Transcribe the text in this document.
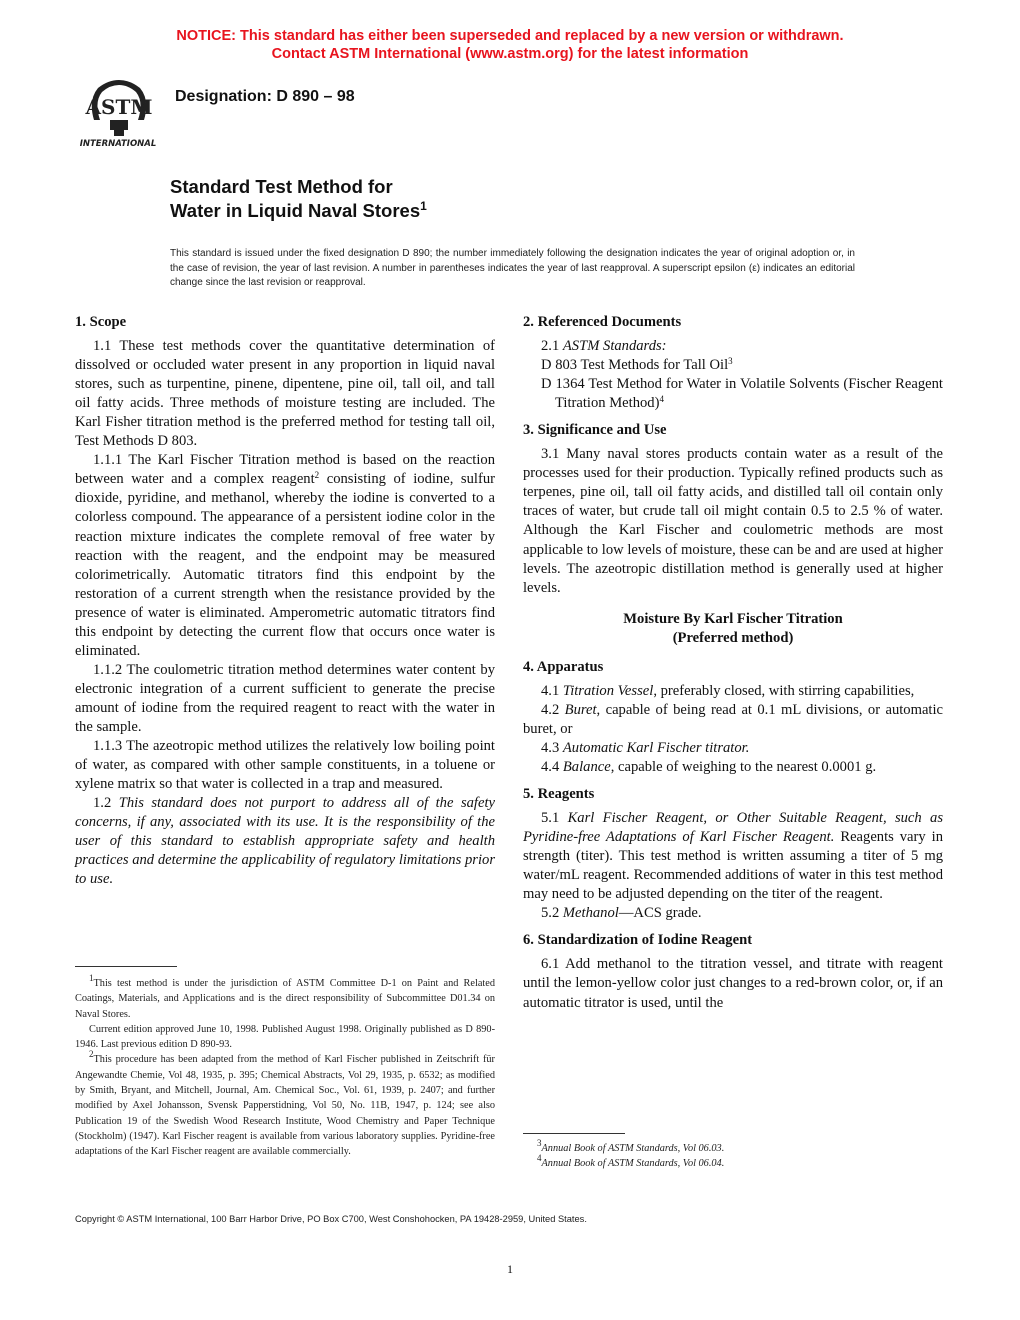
NOTICE: This standard has either been superseded and replaced by a new version or withdrawn.
Contact ASTM International (www.astm.org) for the latest information
ASTM
INTERNATIONAL
Designation: D 890 – 98
Standard Test Method for
Water in Liquid Naval Stores$^1$
This standard is issued under the fixed designation D 890; the number immediately following the designation indicates the year of original adoption or, in the case of revision, the year of last revision. A number in parentheses indicates the year of last reapproval. A superscript epsilon (ε) indicates an editorial change since the last revision or reapproval.
1. Scope

1.1 These test methods cover the quantitative determination of dissolved or occluded water present in any proportion in liquid naval stores, such as turpentine, pinene, dipentene, pine oil, tall oil, and tall oil fatty acids. Three methods of moisture testing are included. The Karl Fisher titration method is the preferred method for testing tall oil, Test Methods D 803.

1.1.1 The Karl Fischer Titration method is based on the reaction between water and a complex reagent$^2$ consisting of iodine, sulfur dioxide, pyridine, and methanol, whereby the iodine is converted to a colorless compound. The appearance of a persistent iodine color in the reaction mixture indicates the complete removal of free water by reaction with the reagent, and the endpoint may be measured colorimetrically. Automatic titrators find this endpoint by the restoration of a current strength when the resistance provided by the presence of water is eliminated. Amperometric automatic titrators find this endpoint by detecting the current flow that occurs once water is eliminated.

1.1.2 The coulometric titration method determines water content by electronic integration of a current sufficient to generate the precise amount of iodine from the required reagent to react with the water in the sample.

1.1.3 The azeotropic method utilizes the relatively low boiling point of water, as compared with other sample constituents, in a toluene or xylene matrix so that water is collected in a trap and measured.

1.2 This standard does not purport to address all of the safety concerns, if any, associated with its use. It is the responsibility of the user of this standard to establish appropriate safety and health practices and determine the applicability of regulatory limitations prior to use.

$^1$This test method is under the jurisdiction of ASTM Committee D-1 on Paint and Related Coatings, Materials, and Applications and is the direct responsibility of Subcommittee D01.34 on Naval Stores.

Current edition approved June 10, 1998. Published August 1998. Originally published as D 890-1946. Last previous edition D 890-93.

$^2$This procedure has been adapted from the method of Karl Fischer published in Zeitschrift für Angewandte Chemie, Vol 48, 1935, p. 395; Chemical Abstracts, Vol 29, 1935, p. 6532; as modified by Smith, Bryant, and Mitchell, Journal, Am. Chemical Soc., Vol. 61, 1939, p. 2407; and further modified by Axel Johansson, Svensk Papperstidning, Vol 50, No. 11B, 1947, p. 124; see also Publication 19 of the Swedish Wood Research Institute, Wood Chemistry and Paper Technique (Stockholm) (1947). Karl Fischer reagent is available from various laboratory supplies. Pyridine-free adaptations of the Karl Fischer reagent are available commercially.

2. Referenced Documents

2.1 ASTM Standards:

D 803 Test Methods for Tall Oil$^3$

D 1364 Test Method for Water in Volatile Solvents (Fischer Reagent Titration Method)$^4$

3. Significance and Use

3.1 Many naval stores products contain water as a result of the processes used for their production. Typically refined products such as terpenes, pine oil, tall oil fatty acids, and distilled tall oil contain only traces of water, but crude tall oil might contain 0.5 to 2.5 % of water. Although the Karl Fischer and coulometric methods are most applicable to low levels of moisture, these can be and are used at higher levels. The azeotropic distillation method is generally used at higher levels.

Moisture By Karl Fischer Titration
(Preferred method)
4. Apparatus

4.1 Titration Vessel, preferably closed, with stirring capabilities,

4.2 Buret, capable of being read at 0.1 mL divisions, or automatic buret, or

4.3 Automatic Karl Fischer titrator.

4.4 Balance, capable of weighing to the nearest 0.0001 g.

5. Reagents

5.1 Karl Fischer Reagent, or Other Suitable Reagent, such as Pyridine-free Adaptations of Karl Fischer Reagent. Reagents vary in strength (titer). This test method is written assuming a titer of 5 mg water/mL reagent. Recommended additions of water in this test method may need to be adjusted depending on the titer of the reagent.

5.2 Methanol—ACS grade.

6. Standardization of Iodine Reagent

6.1 Add methanol to the titration vessel, and titrate with reagent until the lemon-yellow color just changes to a red-brown color, or, if an automatic titrator is used, until the

$^3$Annual Book of ASTM Standards, Vol 06.03.

$^4$Annual Book of ASTM Standards, Vol 06.04.

Copyright © ASTM International, 100 Barr Harbor Drive, PO Box C700, West Conshohocken, PA 19428-2959, United States.
1
